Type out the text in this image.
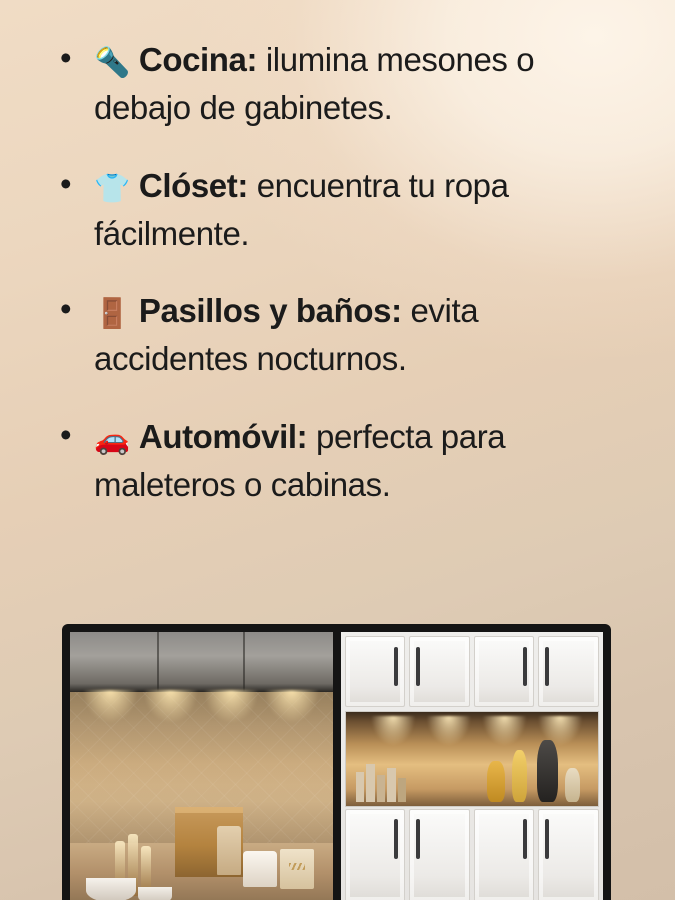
• 🔦 Cocina: ilumina mesones o debajo de gabinetes.
• 👕 Clóset: encuentra tu ropa fácilmente.
• 🚪 Pasillos y baños: evita accidentes nocturnos.
• 🚗 Automóvil: perfecta para maleteros o cabinas.
